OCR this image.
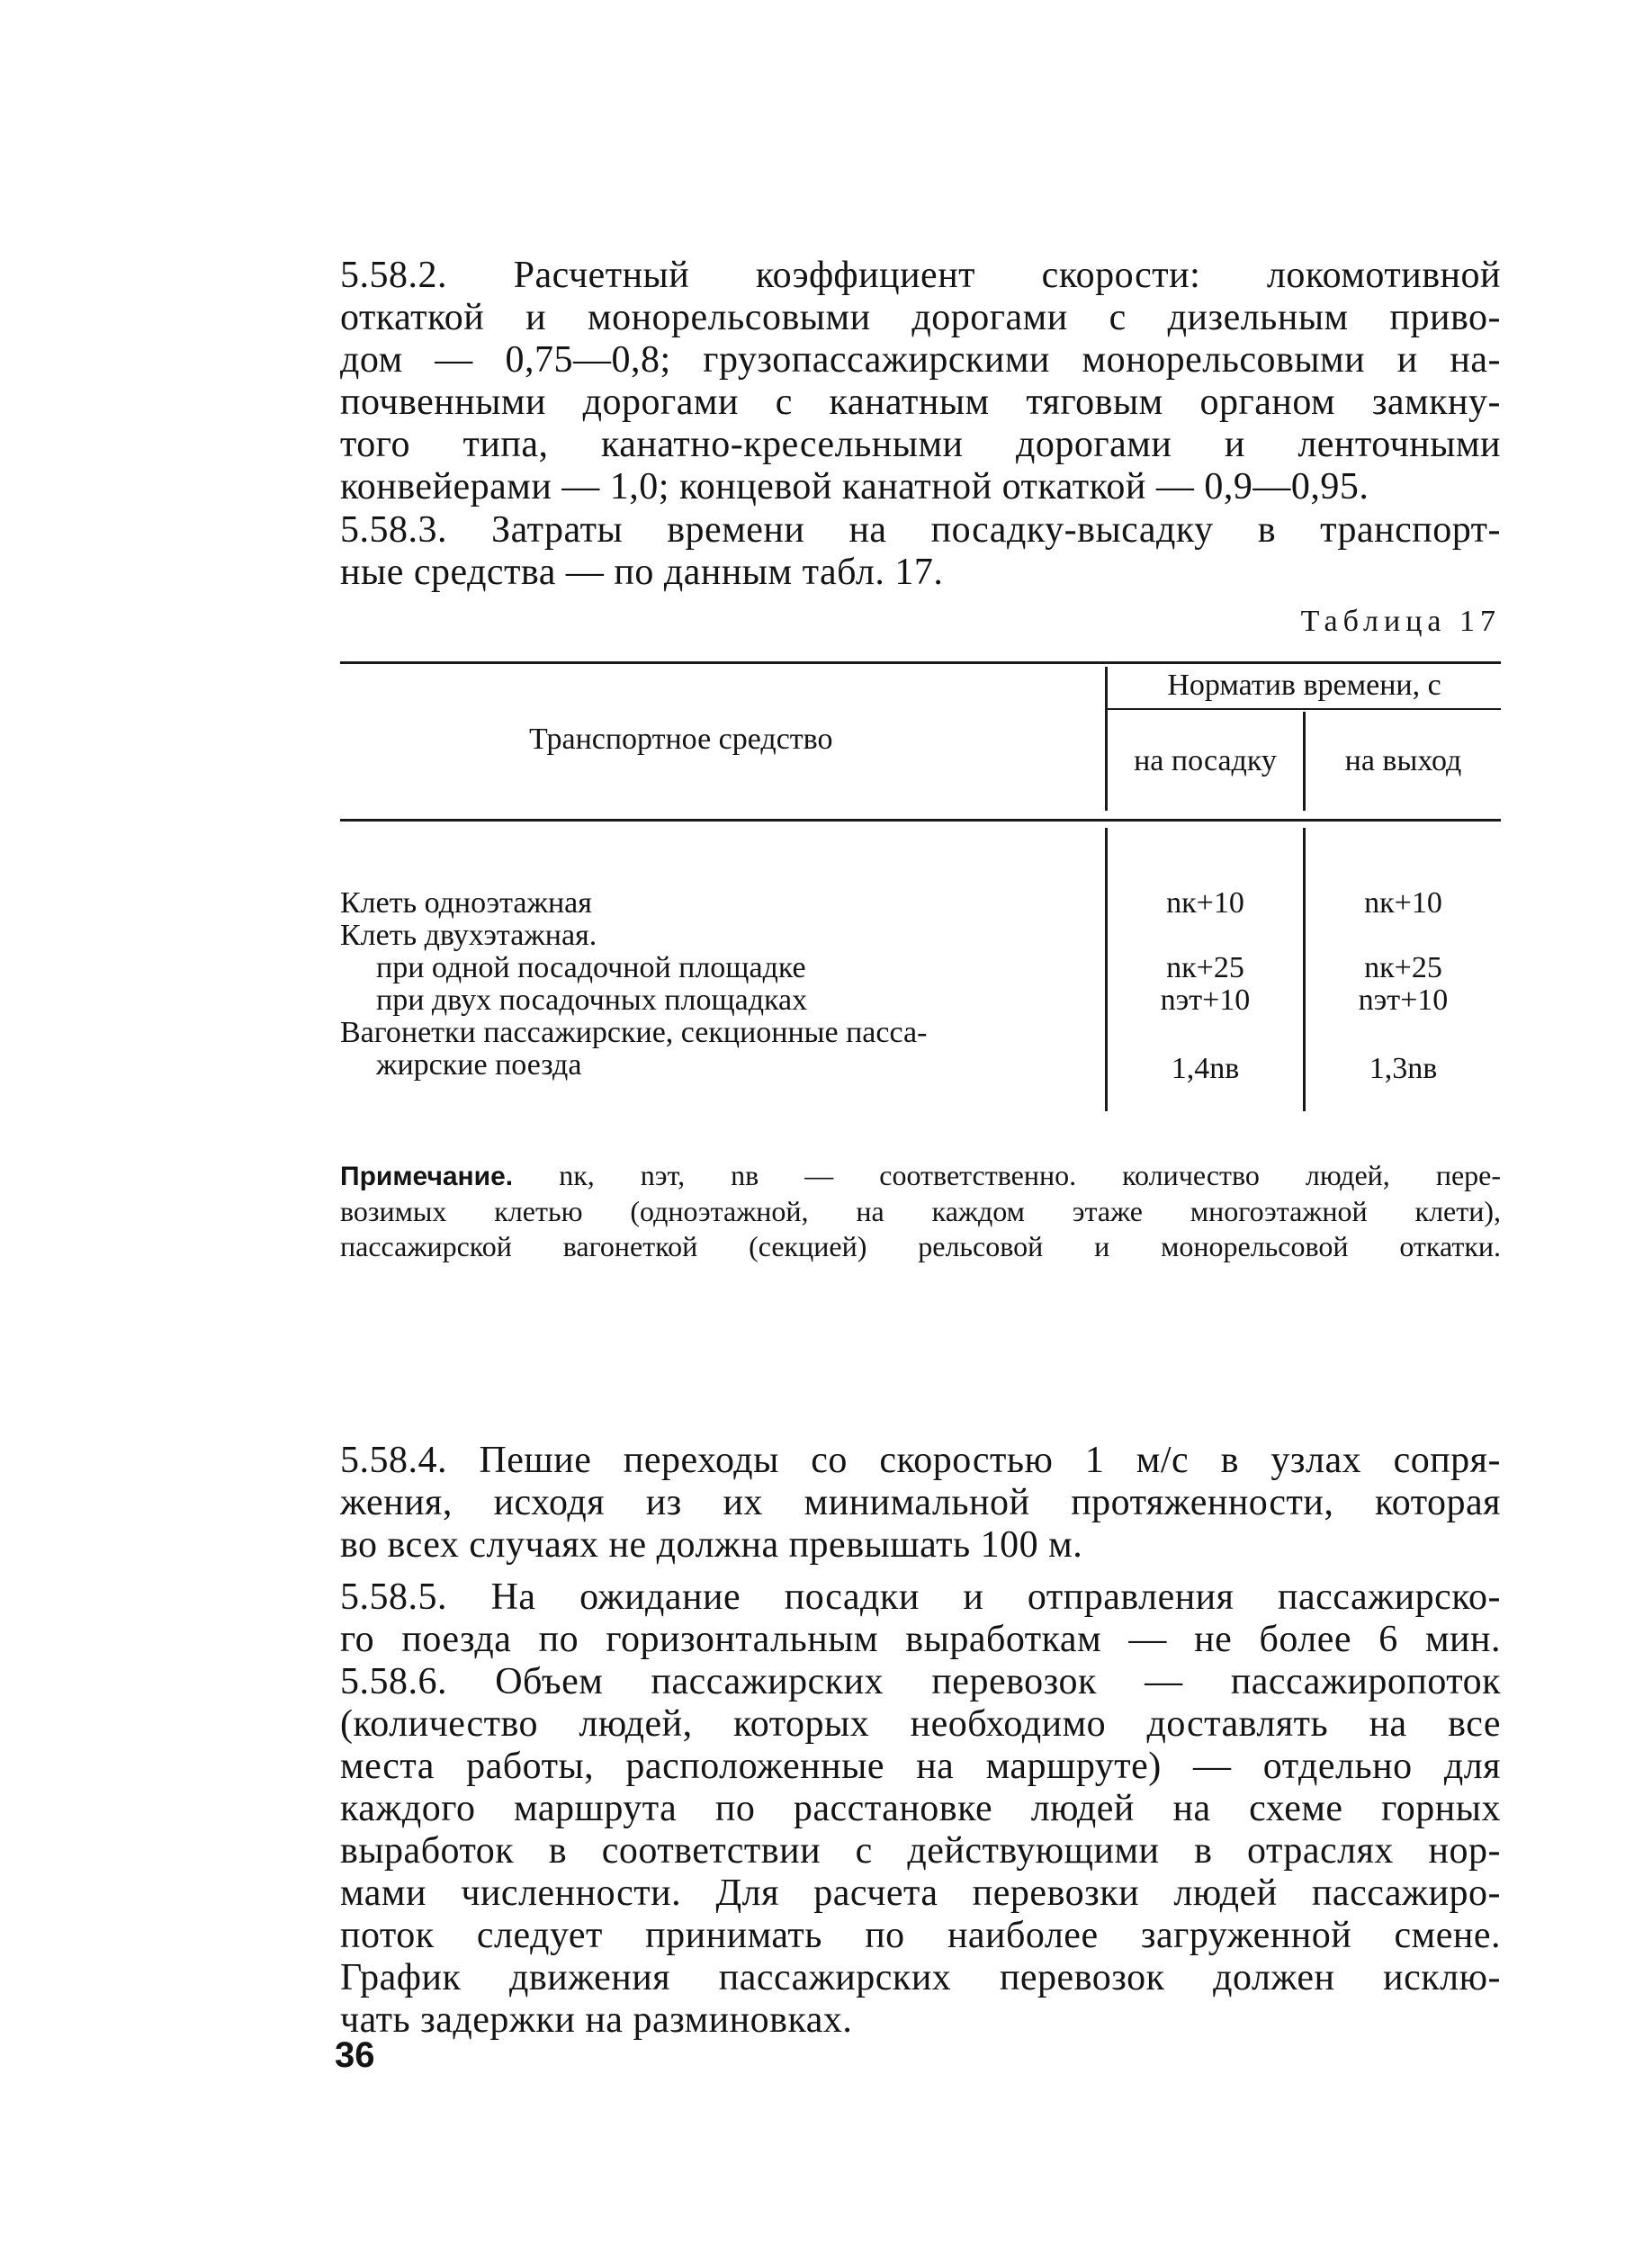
5.58.2. Расчетный коэффициент скорости: локомотивной

откаткой и монорельсовыми дорогами с дизельным приво-

дом — 0,75—0,8; грузопассажирскими монорельсовыми и на-

почвенными дорогами с канатным тяговым органом замкну-

того типа, канатно-кресельными дорогами и ленточными

конвейерами — 1,0; концевой канатной откаткой — 0,9—0,95.

5.58.3. Затраты времени на посадку-высадку в транспорт-

ные средства — по данным табл. 17.

Таблица 17
Транспортное средство
Норматив времени, с
на посадку	на выход
Клеть одноэтажная	nк+10	nк+10
Клеть двухэтажная.
при одной посадочной площадке	nк+25	nк+25
при двух посадочных площадках	nэт+10	nэт+10
Вагонетки пассажирские, секционные пасса-
жирские поезда	1,4nв	1,3nв
Примечание. nк, nэт, nв — соответственно. количество людей, пере-
возимых клетью (одноэтажной, на каждом этаже многоэтажной клети),
пассажирской вагонеткой (секцией) рельсовой и монорельсовой откатки.

5.58.4. Пешие переходы со скоростью 1 м/с в узлах сопря-

жения, исходя из их минимальной протяженности, которая

во всех случаях не должна превышать 100 м.

5.58.5. На ожидание посадки и отправления пассажирско-

го поезда по горизонтальным выработкам — не более 6 мин.

5.58.6. Объем пассажирских перевозок — пассажиропоток

(количество людей, которых необходимо доставлять на все

места работы, расположенные на маршруте) — отдельно для

каждого маршрута по расстановке людей на схеме горных

выработок в соответствии с действующими в отраслях нор-

мами численности. Для расчета перевозки людей пассажиро-

поток следует принимать по наиболее загруженной смене.

График движения пассажирских перевозок должен исклю-

чать задержки на разминовках.

36
